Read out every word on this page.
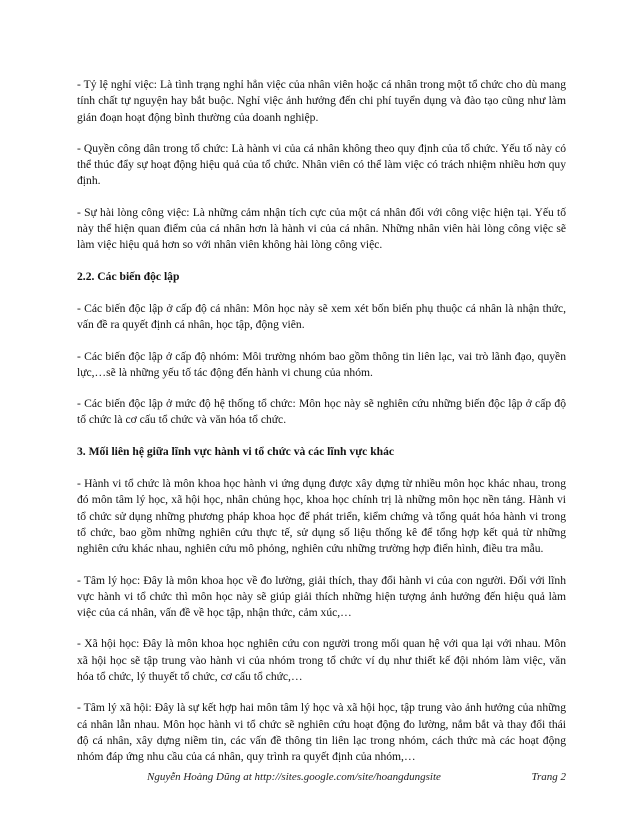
- Tỷ lệ nghỉ việc: Là tình trạng nghỉ hẳn việc của nhân viên hoặc cá nhân trong một tổ chức cho dù mang tính chất tự nguyện hay bắt buộc. Nghỉ việc ảnh hưởng đến chi phí tuyển dụng và đào tạo cũng như làm gián đoạn hoạt động bình thường của doanh nghiệp.

- Quyền công dân trong tổ chức: Là hành vi của cá nhân không theo quy định của tổ chức. Yếu tố này có thể thúc đẩy sự hoạt động hiệu quả của tổ chức. Nhân viên có thể làm việc có trách nhiệm nhiều hơn quy định.

- Sự hài lòng công việc: Là những cảm nhận tích cực của một cá nhân đối với công việc hiện tại. Yếu tố này thể hiện quan điểm của cá nhân hơn là hành vi của cá nhân. Những nhân viên hài lòng công việc sẽ làm việc hiệu quả hơn so với nhân viên không hài lòng công việc.

2.2. Các biến độc lập

- Các biến độc lập ở cấp độ cá nhân: Môn học này sẽ xem xét bốn biến phụ thuộc cá nhân là nhận thức, vấn đề ra quyết định cá nhân, học tập, động viên.

- Các biến độc lập ở cấp độ nhóm: Môi trường nhóm bao gồm thông tin liên lạc, vai trò lãnh đạo, quyền lực,…sẽ là những yếu tố tác động đến hành vi chung của nhóm.

- Các biến độc lập ở mức độ hệ thống tổ chức: Môn học này sẽ nghiên cứu những biến độc lập ở cấp độ tổ chức là cơ cấu tổ chức và văn hóa tổ chức.

3. Mối liên hệ giữa lĩnh vực hành vi tổ chức và các lĩnh vực khác

- Hành vi tổ chức là môn khoa học hành vi ứng dụng được xây dựng từ nhiều môn học khác nhau, trong đó môn tâm lý học, xã hội học, nhân chủng học, khoa học chính trị là những môn học nền tảng. Hành vi tổ chức sử dụng những phương pháp khoa học để phát triển, kiểm chứng và tổng quát hóa hành vi trong tổ chức, bao gồm những nghiên cứu thực tế, sử dụng số liệu thống kê để tổng hợp kết quả từ những nghiên cứu khác nhau, nghiên cứu mô phỏng, nghiên cứu những trường hợp điển hình, điều tra mẫu.

- Tâm lý học: Đây là môn khoa học về đo lường, giải thích, thay đổi hành vi của con người. Đối với lĩnh vực hành vi tổ chức thì môn học này sẽ giúp giải thích những hiện tượng ảnh hưởng đến hiệu quả làm việc của cá nhân, vấn đề về học tập, nhận thức, cảm xúc,…

- Xã hội học: Đây là môn khoa học nghiên cứu con người trong mối quan hệ với qua lại với nhau. Môn xã hội học sẽ tập trung vào hành vi của nhóm trong tổ chức ví dụ như thiết kế đội nhóm làm việc, văn hóa tổ chức, lý thuyết tổ chức, cơ cấu tổ chức,…

- Tâm lý xã hội: Đây là sự kết hợp hai môn tâm lý học và xã hội học, tập trung vào ảnh hưởng của những cá nhân lẫn nhau. Môn học hành vi tổ chức sẽ nghiên cứu hoạt động đo lường, nắm bắt và thay đổi thái độ cá nhân, xây dựng niềm tin, các vấn đề thông tin liên lạc trong nhóm, cách thức mà các hoạt động nhóm đáp ứng nhu cầu của cá nhân, quy trình ra quyết định của nhóm,…

Nguyễn Hoàng Dũng at http://sites.google.com/site/hoangdungsite	Trang 2
